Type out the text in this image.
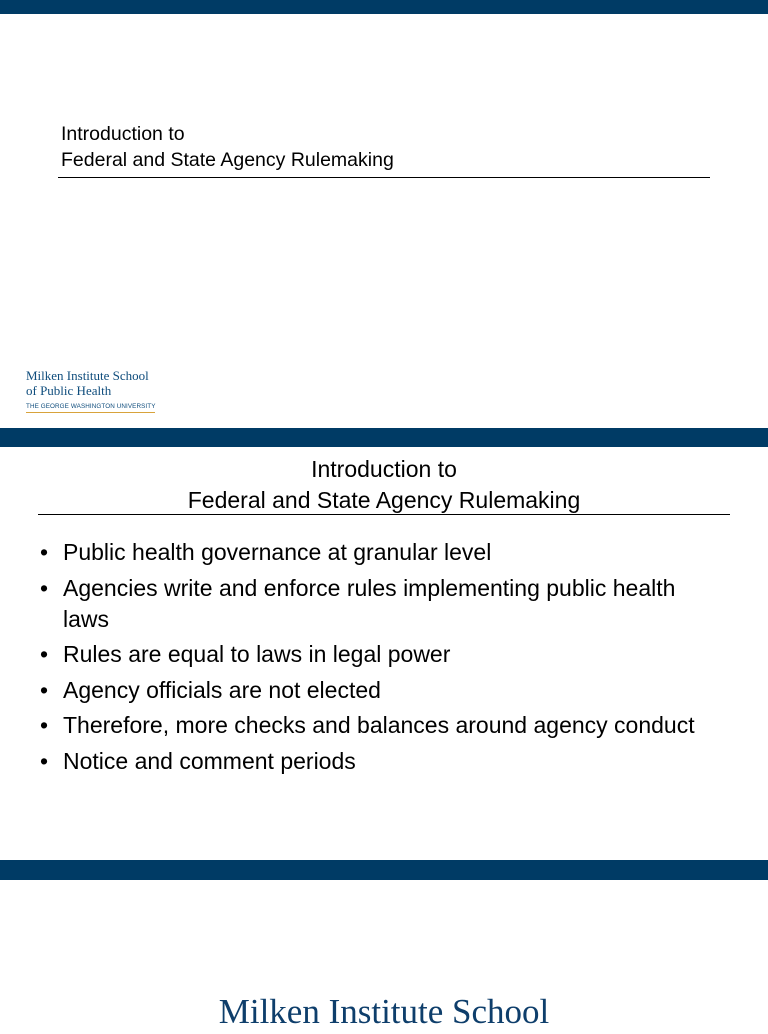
Introduction to
Federal and State Agency Rulemaking
Milken Institute School
of Public Health
THE GEORGE WASHINGTON UNIVERSITY
Introduction to
Federal and State Agency Rulemaking
• Public health governance at granular level
• Agencies write and enforce rules implementing public health laws
• Rules are equal to laws in legal power
• Agency officials are not elected
• Therefore, more checks and balances around agency conduct
• Notice and comment periods
Milken Institute School
